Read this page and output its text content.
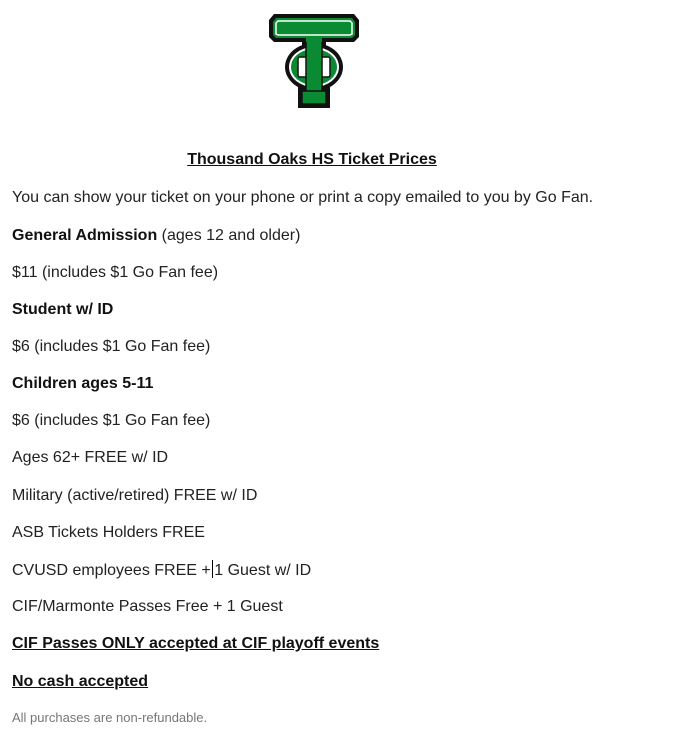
Thousand Oaks HS Ticket Prices
You can show your ticket on your phone or print a copy emailed to you by Go Fan.
General Admission (ages 12 and older)
$11 (includes $1 Go Fan fee)
Student w/ ID
$6 (includes $1 Go Fan fee)
Children ages 5-11
$6 (includes $1 Go Fan fee)
Ages 62+ FREE w/ ID
Military (active/retired) FREE w/ ID
ASB Tickets Holders FREE
CVUSD employees FREE + 1 Guest w/ ID
CIF/Marmonte Passes Free + 1 Guest
CIF Passes ONLY accepted at CIF playoff events
No cash accepted
All purchases are non-refundable.
